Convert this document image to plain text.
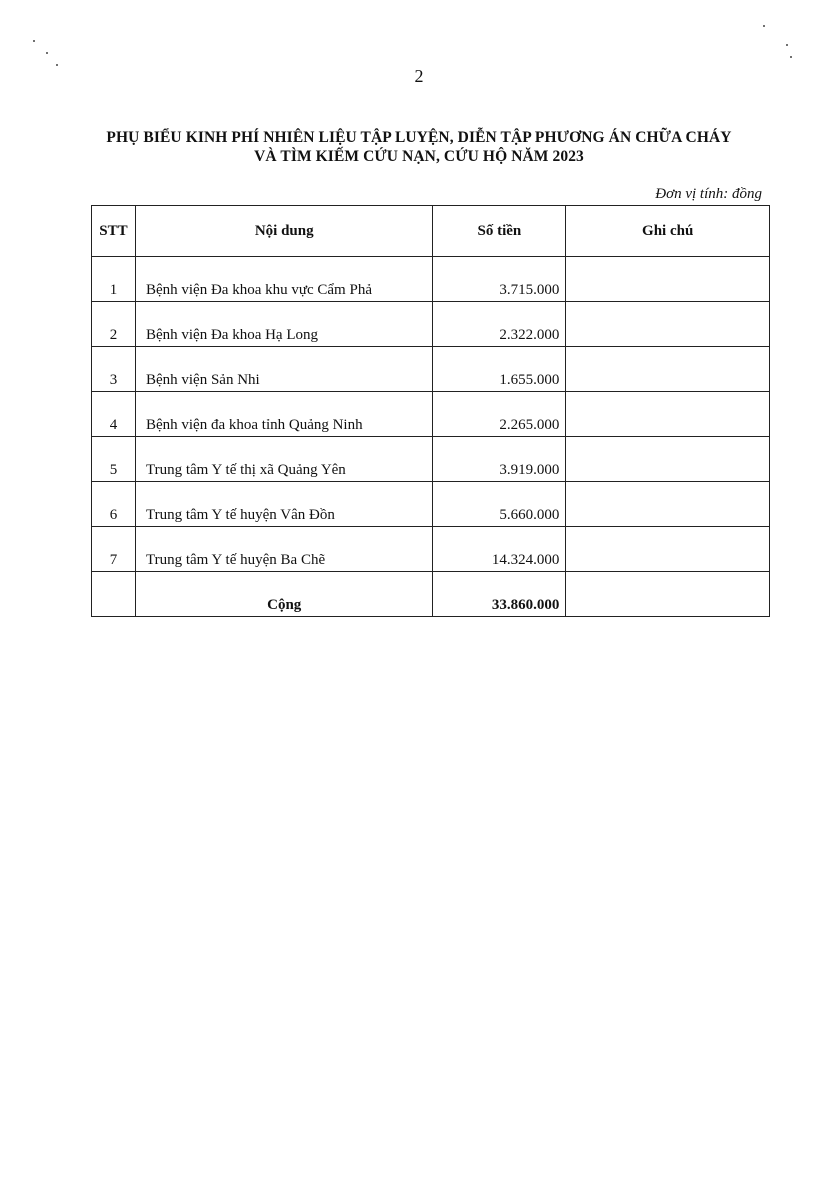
2
PHỤ BIỂU KINH PHÍ NHIÊN LIỆU TẬP LUYỆN, DIỄN TẬP PHƯƠNG ÁN CHỮA CHÁY
VÀ TÌM KIẾM CỨU NẠN, CỨU HỘ NĂM 2023
Đơn vị tính: đồng
STT	Nội dung	Số tiền	Ghi chú
1	Bệnh viện Đa khoa khu vực Cẩm Phả	3.715.000	
2	Bệnh viện Đa khoa Hạ Long	2.322.000	
3	Bệnh viện Sản Nhi	1.655.000	
4	Bệnh viện đa khoa tỉnh Quảng Ninh	2.265.000	
5	Trung tâm Y tế thị xã Quảng Yên	3.919.000	
6	Trung tâm Y tế huyện Vân Đồn	5.660.000	
7	Trung tâm Y tế huyện Ba Chẽ	14.324.000	
	Cộng	33.860.000	
